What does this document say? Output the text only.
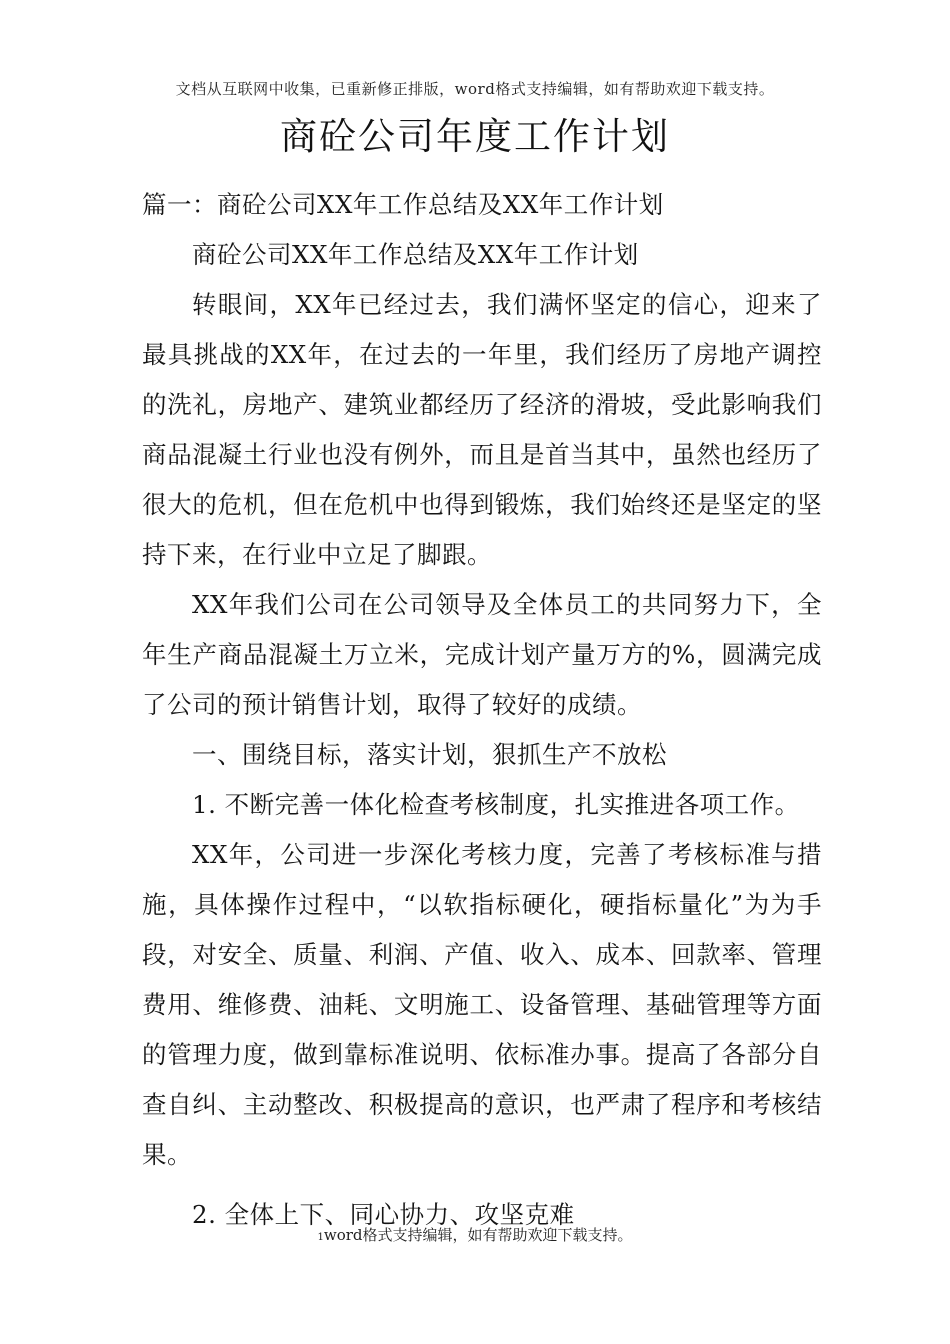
文档从互联网中收集，已重新修正排版，word格式支持编辑，如有帮助欢迎下载支持。
商砼公司年度工作计划

篇一：商砼公司XX年工作总结及XX年工作计划

商砼公司XX年工作总结及XX年工作计划

转眼间，XX年已经过去，我们满怀坚定的信心，迎来了最具挑战的XX年，在过去的一年里，我们经历了房地产调控的洗礼，房地产、建筑业都经历了经济的滑坡，受此影响我们商品混凝土行业也没有例外，而且是首当其中，虽然也经历了很大的危机，但在危机中也得到锻炼，我们始终还是坚定的坚持下来，在行业中立足了脚跟。

XX年我们公司在公司领导及全体员工的共同努力下，全年生产商品混凝土万立米，完成计划产量万方的%，圆满完成了公司的预计销售计划，取得了较好的成绩。

一、围绕目标，落实计划，狠抓生产不放松

1. 不断完善一体化检查考核制度，扎实推进各项工作。

XX年，公司进一步深化考核力度，完善了考核标准与措施，具体操作过程中，“以软指标硬化，硬指标量化”为为手段，对安全、质量、利润、产值、收入、成本、回款率、管理费用、维修费、油耗、文明施工、设备管理、基础管理等方面的管理力度，做到靠标准说明、依标准办事。提高了各部分自查自纠、主动整改、积极提高的意识，也严肃了程序和考核结果。

2. 全体上下、同心协力、攻坚克难

1word格式支持编辑，如有帮助欢迎下载支持。
